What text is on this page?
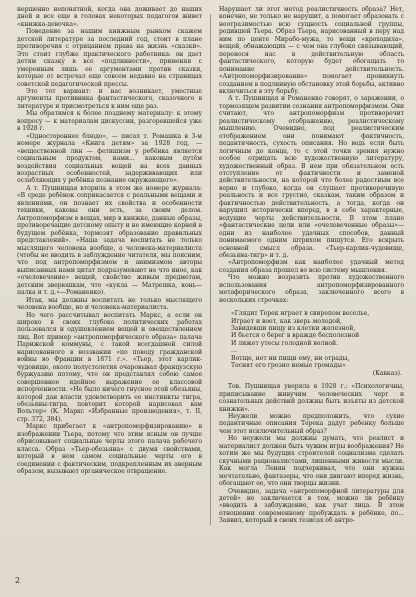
нершенно непонятной, когда она доживает до наших дней и все еще в головах некоторых педагогов живет «книжка-девочка».

Поведение за нашим книжным рынком скажем детской литературе за последний год, стоит в плане противоречия с отрицанием права на жизнь «сказки». Это стоит глубже практического работника: он дает детям сказку в все «подлинности», применяя с умеренным лишь ее аргументами против сказки, которые от встречал еще совсем недавно на страницах советской педагогической прессы.

Это тот вариант: и нас возникает, уместные аргументы противника фантастического, сказочного в литературе и присмотреться к ним еще раз.

Мы обратимся к более позднему материалу: к этому вопросу — к материалам дискуссии, разгоревшейся уже в 1928 г.

«Одностороннее блюдо», — писал т. Ромашка в 3-м номере журнала «Книга детям» за 1928 год, — «вещественной лин — фетишизм у ребёнка является социальным продуктом, нами... каковым путём воздействия социальных вещей на всех данных возрастных особенностей, задерживающих или ослабляющих у ребёнка познание окружающего».

А т. Пушнищая вторила в этом же номере журнала: «В среде ребёнок соприкасается с реальными вещами и явлениями, он познает их свойства и особенности техники, каковы они есть, за своим делом. Антропоморфизм в вещах, мир в книжке, данные образы, противоречащие детскому опыту и не имеющие корней в будущем ребёнка, тормозят образование правильных представлений». «Наша задача воспитать не только мыслящего человека вообще, а человека-материалиста (чтобы не вводить в заблуждение читателя, мы поясним, что под антропоморфизмом и анимизмом авторы выписанных нами цитат подразумевают не что иное, как «очеловечение» вещей, свойство живым предметам, детским зверюшкам, что «кукла — Матрешка, конь—палка и т. д.»—Романенко).

Итак, мы должны воспитать не только мыслящего человека вообще, но и человека-материалиста.

Но чего рассчитывал воспитать Маркс, а если он широко в своих глубоко политических работах пользовался и одушевлением вещей и овеществлением лиц. Вот пример «антропоморфического образа» палача Парижской коммуны, с такой всегдашней силой нарисованного в воззвании «по поводу гражданской войны во Франции в 1871 г.». «Тьер, этот карлик-чудовище, около полустолетия очаровывал французскую буржуазию потому, что он представлял собою самое совершенное идейное выражение ее классовой испорченности. «Не было ничего гнусное этой обезьяны, которой дан власти удовлетворить ее инстинкты тигра, обезьяны-тигра, повторит которой нарисовал вам Вольтер» (К. Маркс «Избранные произведения», т. II, стр. 372, 384).

Маркс прибегает к «антропоморфизированию» в изображении Тьера, потому что этим ясным он лучше обрисовывает социальные черты этого палача рабочего класса. Образ «Тьер-обезьяна» с двумя свойствами, который в нем самом социальные черты его в соединении с фактическим, подкрепленным их аверным образом, вызывают органическое отвращение.

Нарушает ли этот метод реалистичность образа? Нет, конечно, не только не нарушит, а помогает образовать с неотразимостью всю сущность социальной группы, родившей Тьера. Образ Тьера, нарисованный в перу над ним по центе Мирабо-мужа, то вещи «кроходила», вещей, обнажающих — с чем она глубоко связывающий, перенося нас в действительную область фантастического, которую будет обогащать то понимание действительность. «Антропоморфизирование» помогает проникнуть созданием в подлинную обстановку этой борьбы, активно включиться в эту борьбу.

А т. Пушнищая и Романенко говорят, о заражении, о тормозящем развитии сознания антропоморфизмом. Они считают, что антропоморфизм противоречит реалистическому отображению, реалистическому мышлению. Очевидно, под реалистическим отображением они понимают фактичность, педантичность, сухость описания. Но ведь если быть логичным до конца, то с этой точки зрения нужно особое отрицать всю художественную литературу, художественный образ. В нем при обязательном есть отступление от фактичности и заменой действительности, на которой что более радостным все верно и глубоко, когда он слушает противоречивую реальность и все грустно, сказкам, таким образом и фактичностью действительность, а тогда, когда он нарушил исторически вперед, в в себе характерные, ведущие черты действительности. В этом плане «фантастические цели или «очеловеченные образы»—одни из наиболее удачных способов, данный понимаемого одним штрихом пишутся. Его вскрыть основной смысл образа. «Тьер-карлик-чудовище, обезьяна-тигр» и т. д.

«Антропоморфизм как наиболее удачный метод создания образа прошел во всю систему мышления.

Что можно возразить против художественного использования антропоморфизированного метафорического образа, заключенного всего в нескольких строчках:

«Глядит Терек играет в свирепом веселье,
Играет и воет, как зверь молодой,
Завидевши пищу из клетки железной,
И бьется о берег в вражде бесполезной
И лижет утесы голодной волной.
…
Вотще, нет ни пищи ему, ни отрады,
Теснят его грозно немые громады»
(Кавказ).

Тов. Пушнищая уверяла в 1928 г.: «Психологичны, приписывание живучим человеческих черт и сознательных действий должны быть изъяты из детской книжки».

Неужели можно предположить, что сухие педантичные описания Терека дадут ребенку больше чем этот исключительный образ?

Но неужели мы должны думать, что реалист и материалист должен быть чужим игры воображения? Не хотим же мы будущих строителей социализма сделать скучными рационалистами, лишенными живости мысли. Как могла Ленин подчеркивал, что они нужны мечтательно, фантазеры, что они двигают вперед жизнь, обогащают ее, что они творцы жизни.

Очевидно, задача «антропоморфной литературы для детей» не заключается в том, можно ли ребёнку «вводить в заблуждение, как учат лица. В этом отношении современному пробуждать в ребёнке, по... Заявил, который в своих тезисах об антро-

2
